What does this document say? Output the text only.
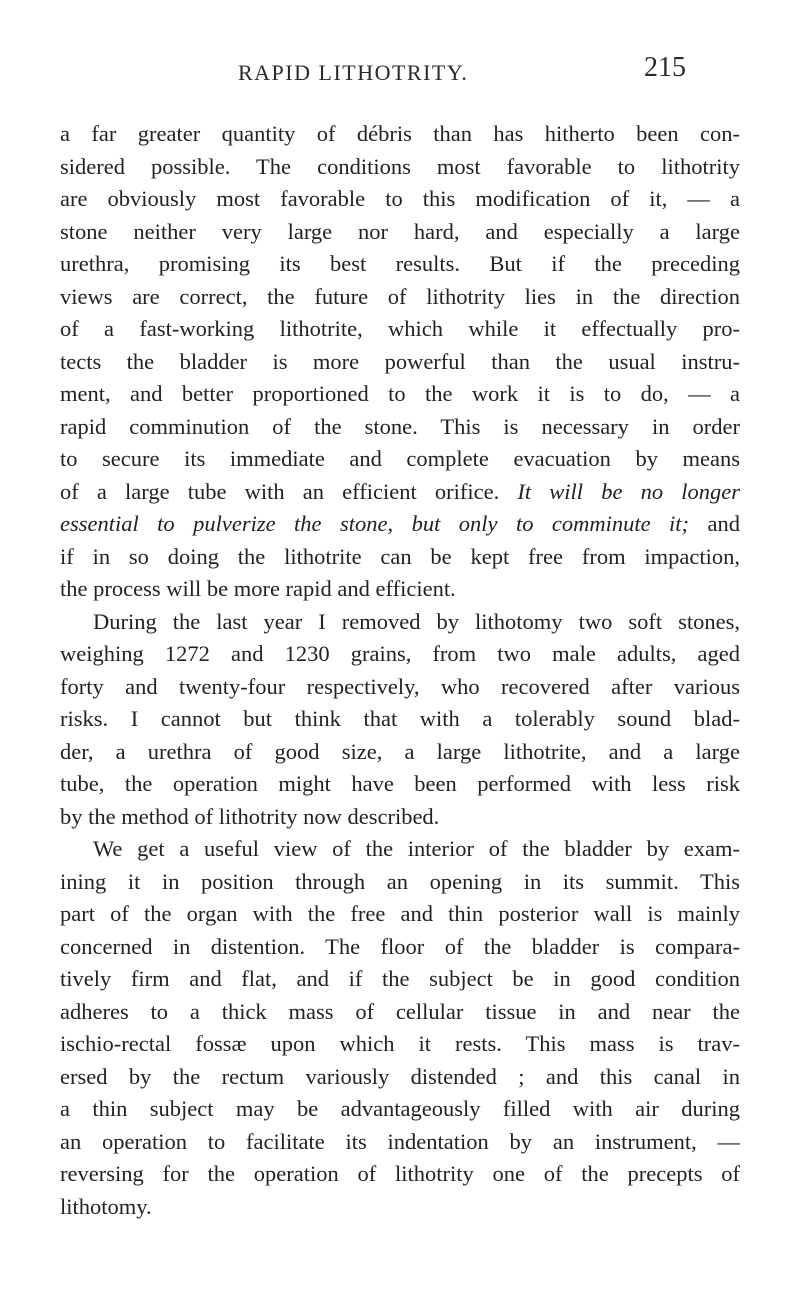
RAPID LITHOTRITY.	215
a far greater quantity of débris than has hitherto been con-
sidered possible. The conditions most favorable to lithotrity
are obviously most favorable to this modification of it, — a
stone neither very large nor hard, and especially a large
urethra, promising its best results. But if the preceding
views are correct, the future of lithotrity lies in the direction
of a fast-working lithotrite, which while it effectually pro-
tects the bladder is more powerful than the usual instru-
ment, and better proportioned to the work it is to do, — a
rapid comminution of the stone. This is necessary in order
to secure its immediate and complete evacuation by means
of a large tube with an efficient orifice. It will be no longer
essential to pulverize the stone, but only to comminute it; and
if in so doing the lithotrite can be kept free from impaction,
the process will be more rapid and efficient.
During the last year I removed by lithotomy two soft stones,
weighing 1272 and 1230 grains, from two male adults, aged
forty and twenty-four respectively, who recovered after various
risks. I cannot but think that with a tolerably sound blad-
der, a urethra of good size, a large lithotrite, and a large
tube, the operation might have been performed with less risk
by the method of lithotrity now described.
We get a useful view of the interior of the bladder by exam-
ining it in position through an opening in its summit. This
part of the organ with the free and thin posterior wall is mainly
concerned in distention. The floor of the bladder is compara-
tively firm and flat, and if the subject be in good condition
adheres to a thick mass of cellular tissue in and near the
ischio-rectal fossæ upon which it rests. This mass is trav-
ersed by the rectum variously distended ; and this canal in
a thin subject may be advantageously filled with air during
an operation to facilitate its indentation by an instrument, —
reversing for the operation of lithotrity one of the precepts of
lithotomy.
